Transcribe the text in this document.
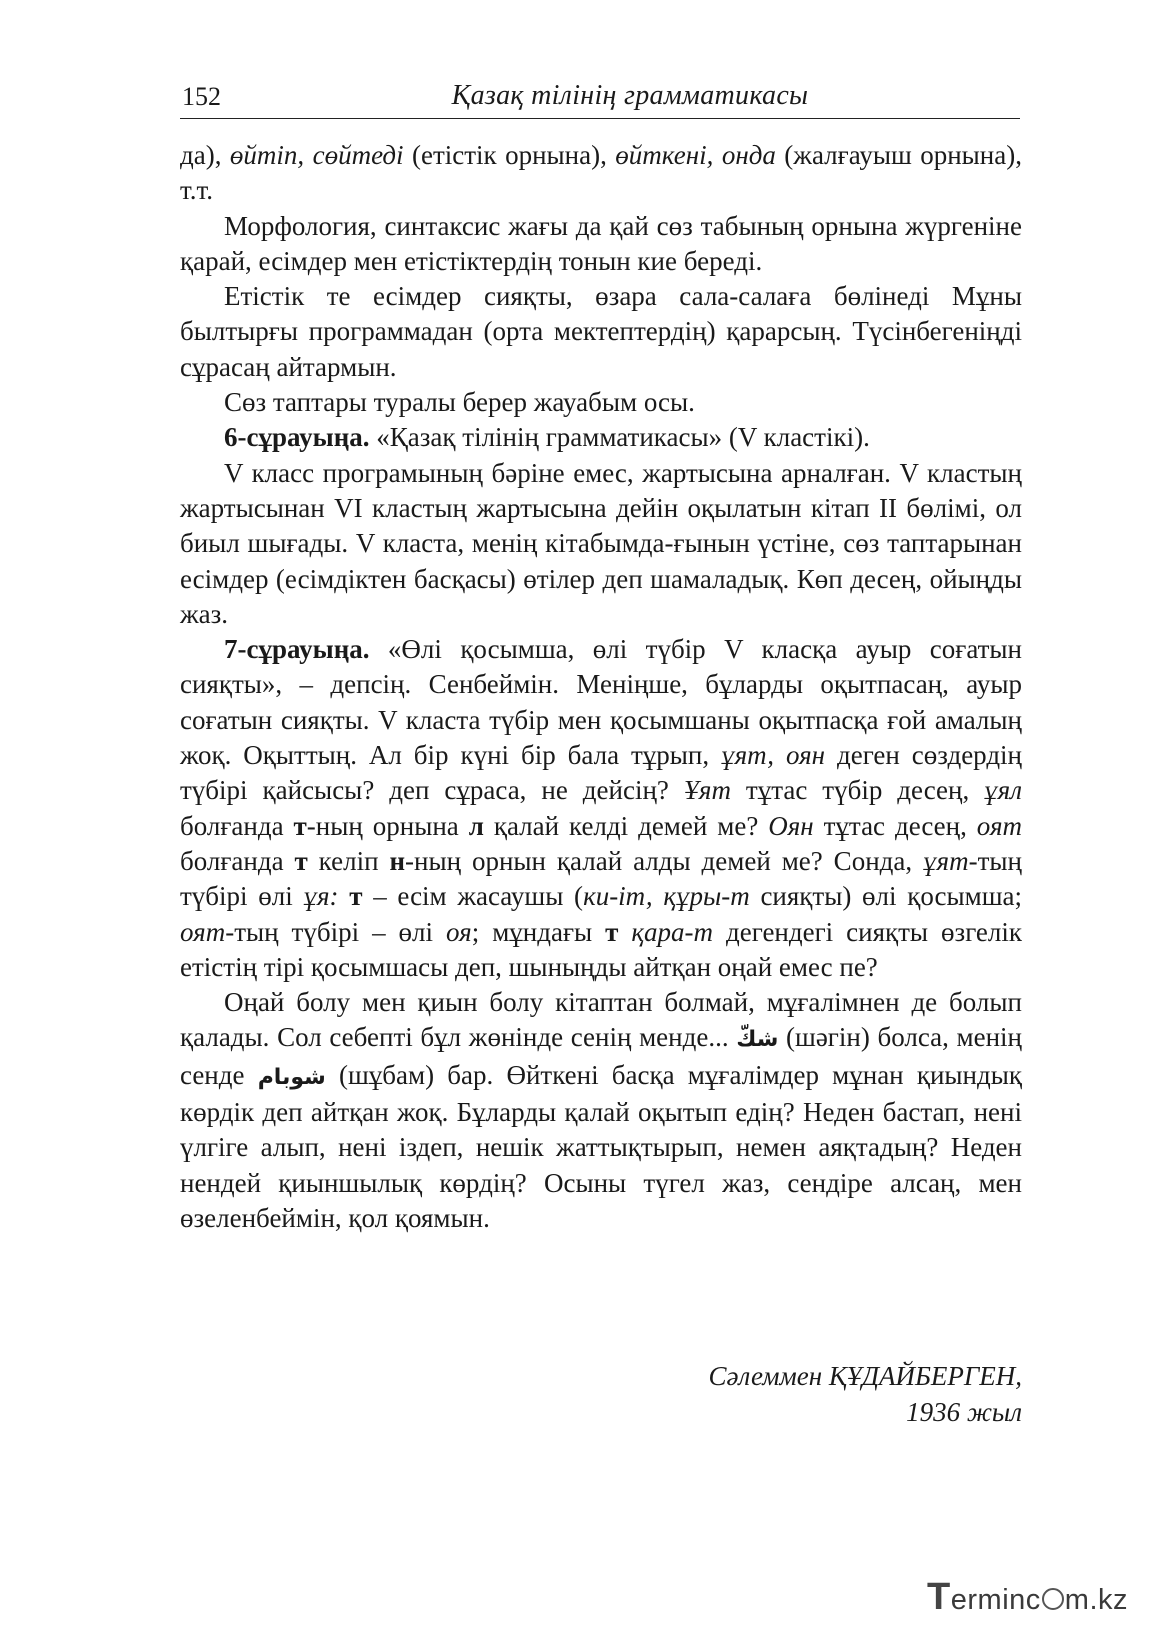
152	Қазақ тілінің грамматикасы

да), өйтіп, сөйтеді (етістік орнына), өйткені, онда (жалғауыш орнына), т.т.

Морфология, синтаксис жағы да қай сөз табының орнына жүргеніне қарай, есімдер мен етістіктердің тонын кие береді.

Етістік те есімдер сияқты, өзара сала-салаға бөлінеді Мұны былтырғы программадан (орта мектептердің) қарарсың. Түсінбегеніңді сұрасаң айтармын.

Сөз таптары туралы берер жауабым осы.

6-сұрауыңа. «Қазақ тілінің грамматикасы» (V кластікі).

V класс програмының бәріне емес, жартысына арналған. V кластың жартысынан VI кластың жартысына дейін оқылатын кітап II бөлімі, ол биыл шығады. V класта, менің кітабымда-ғынын үстіне, сөз таптарынан есімдер (есімдіктен басқасы) өтілер деп шамаладық. Көп десең, ойыңды жаз.

7-сұрауыңа. «Өлі қосымша, өлі түбір V класқа ауыр соғатын сияқты», – депсің. Сенбеймін. Меніңше, бұларды оқытпасаң, ауыр соғатын сияқты. V класта түбір мен қосымшаны оқытпасқа ғой амалың жоқ. Оқыттың. Ал бір күні бір бала тұрып, ұят, оян деген сөздердің түбірі қайсысы? деп сұраса, не дейсің? Ұят тұтас түбір десең, ұял болғанда т-ның орнына л қалай келді демей ме? Оян тұтас десең, оят болғанда т келіп н-ның орнын қалай алды демей ме? Сонда, ұят-тың түбірі өлі ұя: т – есім жасаушы (ки-іт, құры-т сияқты) өлі қосымша; оят-тың түбірі – өлі оя; мұндағы т қара-т дегендегі сияқты өзгелік етістің тірі қосымшасы деп, шыныңды айтқан оңай емес пе?

Оңай болу мен қиын болу кітаптан болмай, мұғалімнен де болып қалады. Сол себепті бұл жөнінде сенің менде... شكّ (шәгін) болса, менің сенде شوبام (шұбам) бар. Өйткені басқа мұғалімдер мұнан қиындық көрдік деп айтқан жоқ. Бұларды қалай оқытып едің? Неден бастап, нені үлгіге алып, нені іздеп, нешік жаттықтырып, немен аяқтадың? Неден нендей қиыншылық көрдің? Осыны түгел жаз, сендіре алсаң, мен өзеленбеймін, қол қоямын.

Сәлеммен ҚҰДАЙБЕРГЕН,
1936 жыл
Terminc m.kz
